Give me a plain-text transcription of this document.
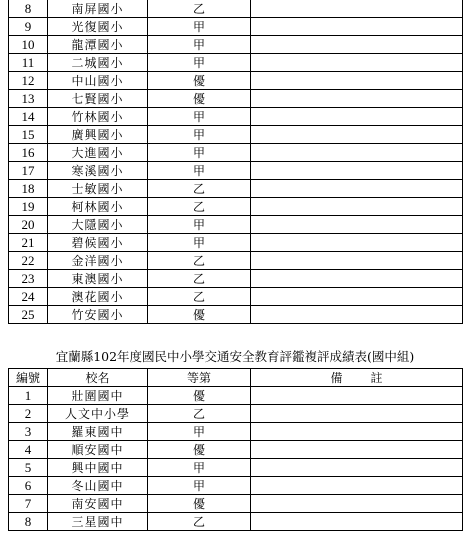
8	南屏國小	乙	
9	光復國小	甲	
10	龍潭國小	甲	
11	二城國小	甲	
12	中山國小	優	
13	七賢國小	優	
14	竹林國小	甲	
15	廣興國小	甲	
16	大進國小	甲	
17	寒溪國小	甲	
18	士敏國小	乙	
19	柯林國小	乙	
20	大隱國小	甲	
21	碧候國小	甲	
22	金洋國小	乙	
23	東澳國小	乙	
24	澳花國小	乙	
25	竹安國小	優	
宜蘭縣102年度國民中小學交通安全教育評鑑複評成績表(國中組)
編號	校名	等第	備註
1	壯圍國中	優	
2	人文中小學	乙	
3	羅東國中	甲	
4	順安國中	優	
5	興中國中	甲	
6	冬山國中	甲	
7	南安國中	優	
8	三星國中	乙	
